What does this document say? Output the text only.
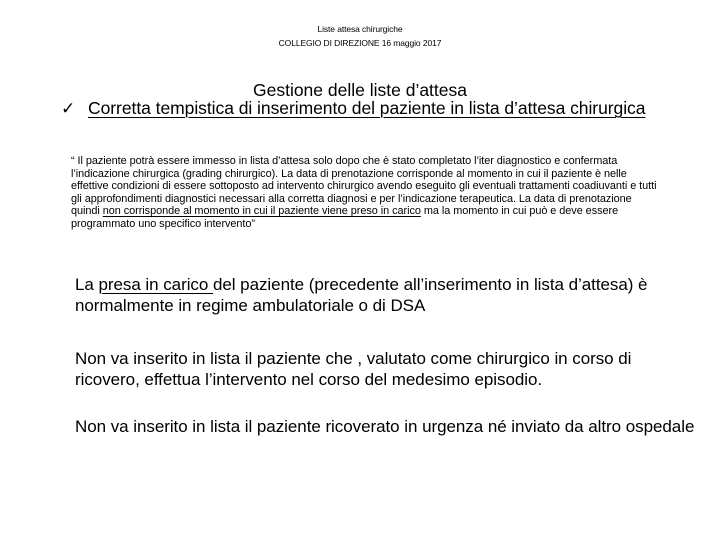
Liste attesa chirurgiche
COLLEGIO DI DIREZIONE 16 maggio 2017
Gestione delle liste d’attesa
✓ Corretta tempistica di inserimento del paziente in lista d’attesa chirurgica
“ Il paziente potrà essere immesso in lista d’attesa solo dopo che è stato completato l’iter diagnostico e confermata l’indicazione chirurgica (grading chirurgico). La data di prenotazione corrisponde al momento in cui il paziente è nelle effettive condizioni di essere sottoposto ad intervento chirurgico avendo eseguito gli eventuali trattamenti coadiuvanti e tutti gli approfondimenti diagnostici necessari alla corretta diagnosi e per l’indicazione terapeutica. La data di prenotazione quindi non corrisponde al momento in cui il paziente viene preso in carico ma la momento in cui può e deve essere programmato uno specifico intervento”
La presa in carico del paziente (precedente all’inserimento in lista d’attesa) è normalmente in regime ambulatoriale o di DSA
Non va inserito in lista il paziente che , valutato come chirurgico in corso di ricovero, effettua l’intervento nel corso del medesimo episodio.
Non va inserito in lista il paziente ricoverato in urgenza né inviato da altro ospedale
